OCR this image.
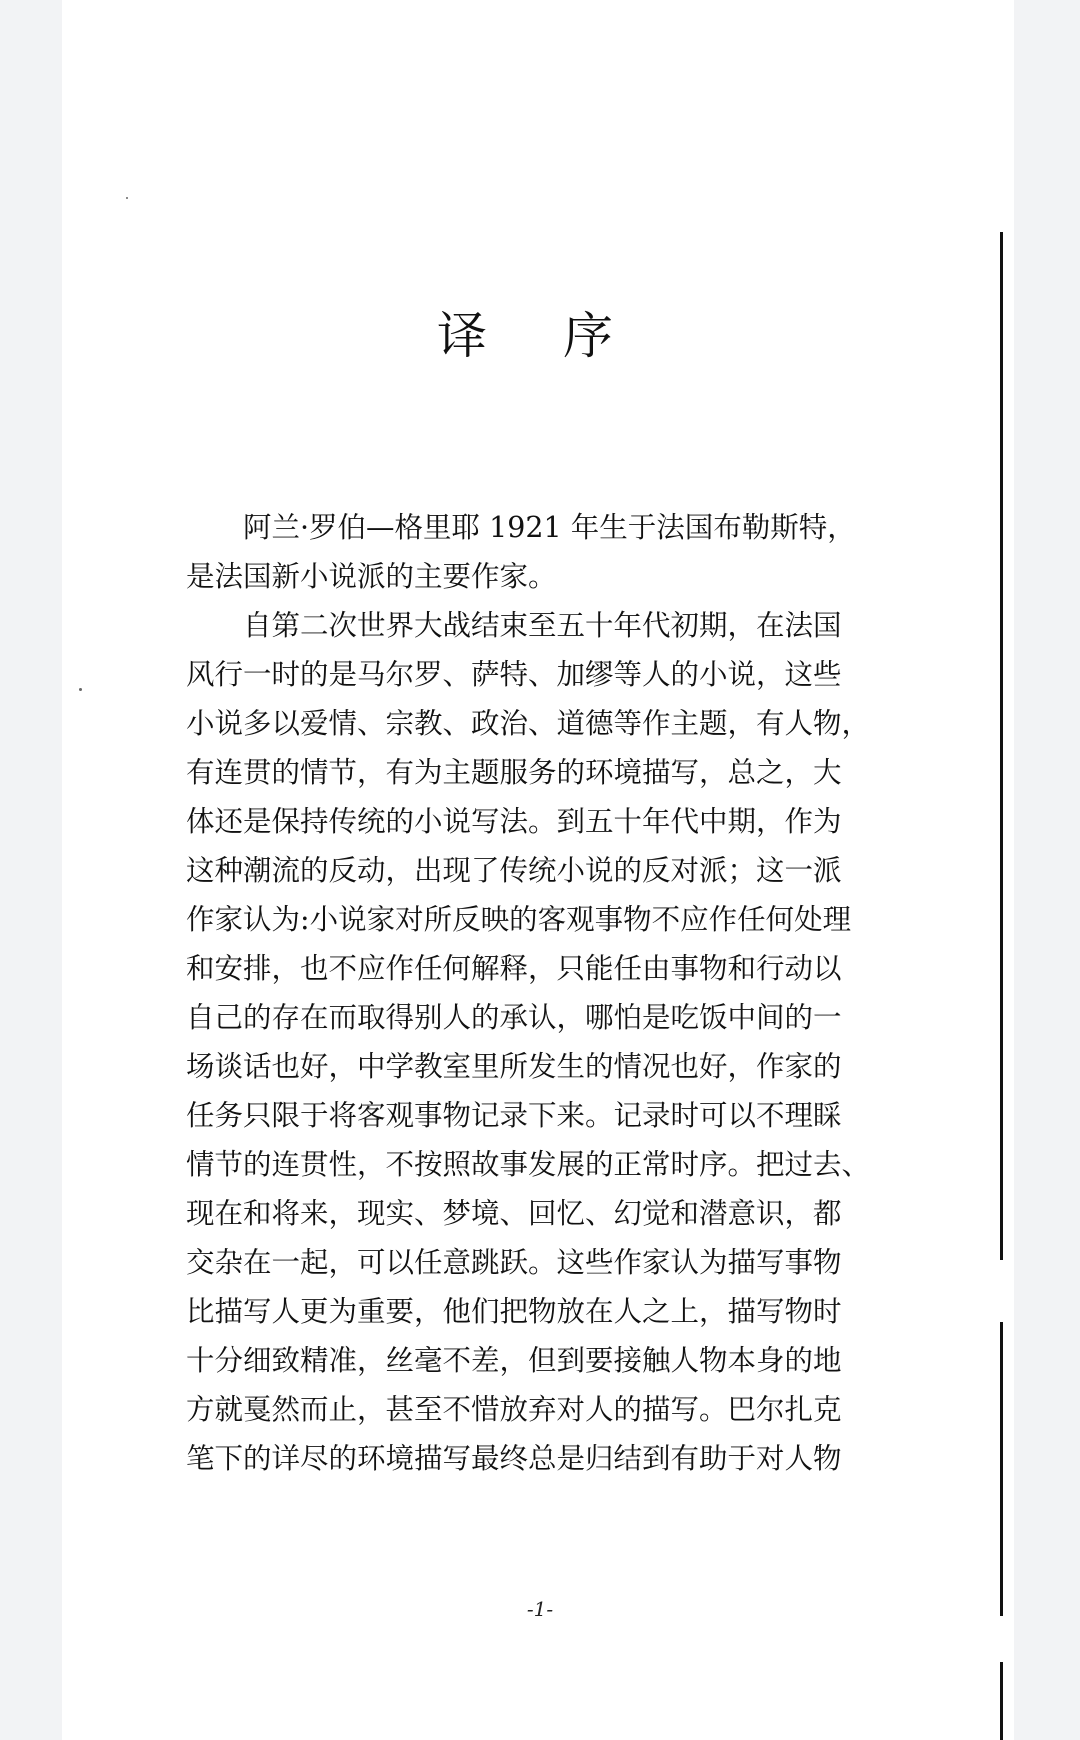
译 序
阿兰·罗伯—格里耶 1921 年生于法国布勒斯特，
是法国新小说派的主要作家。
自第二次世界大战结束至五十年代初期，在法国
风行一时的是马尔罗、萨特、加缪等人的小说，这些
小说多以爱情、宗教、政治、道德等作主题，有人物，
有连贯的情节，有为主题服务的环境描写，总之，大
体还是保持传统的小说写法。到五十年代中期，作为
这种潮流的反动，出现了传统小说的反对派；这一派
作家认为:小说家对所反映的客观事物不应作任何处理
和安排，也不应作任何解释，只能任由事物和行动以
自己的存在而取得别人的承认，哪怕是吃饭中间的一
场谈话也好，中学教室里所发生的情况也好，作家的
任务只限于将客观事物记录下来。记录时可以不理睬
情节的连贯性，不按照故事发展的正常时序。把过去、
现在和将来，现实、梦境、回忆、幻觉和潜意识，都
交杂在一起，可以任意跳跃。这些作家认为描写事物
比描写人更为重要，他们把物放在人之上，描写物时
十分细致精准，丝毫不差，但到要接触人物本身的地
方就戛然而止，甚至不惜放弃对人的描写。巴尔扎克
笔下的详尽的环境描写最终总是归结到有助于对人物
-1-
